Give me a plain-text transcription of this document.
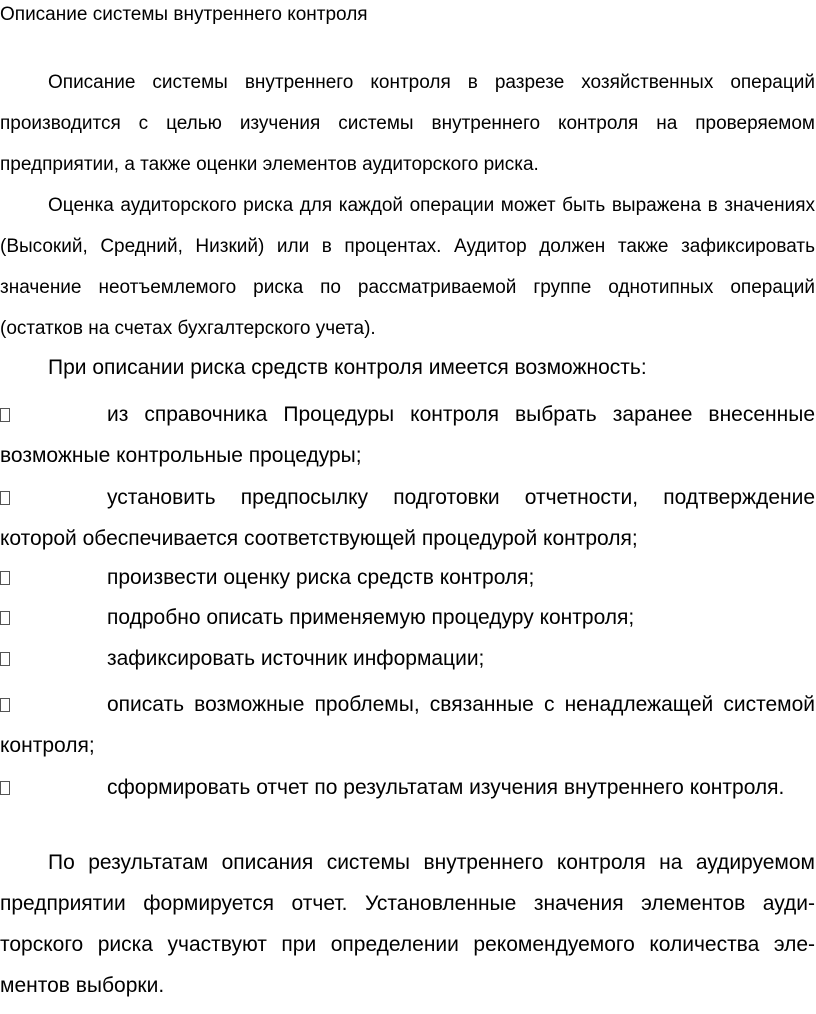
Описание системы внутреннего контроля
Описание системы внутреннего контроля в разрезе хозяйственных операций производится с целью изучения системы внутреннего контроля на проверяемом предприятии, а также оценки элементов аудиторского риска.
Оценка аудиторского риска для каждой операции может быть выражена в значениях (Высокий, Средний, Низкий) или в процентах. Аудитор должен также зафиксировать значение неотъемлемого риска по рассматриваемой группе однотипных операций (остатков на счетах бухгалтерского учета).
При описании риска средств контроля имеется возможность:
из справочника Процедуры контроля выбрать заранее внесенные возможные контрольные процедуры;
установить предпосылку подготовки отчетности, подтверждение которой обеспечивается соответствующей процедурой контроля;
произвести оценку риска средств контроля;
подробно описать применяемую процедуру контроля;
зафиксировать источник информации;
описать возможные проблемы, связанные с ненадлежащей системой контроля;
сформировать отчет по результатам изучения внутреннего контроля.
По результатам описания системы внутреннего контроля на аудируемом предприятии формируется отчет. Установленные значения элементов ауди-торского риска участвуют при определении рекомендуемого количества эле-ментов выборки.
